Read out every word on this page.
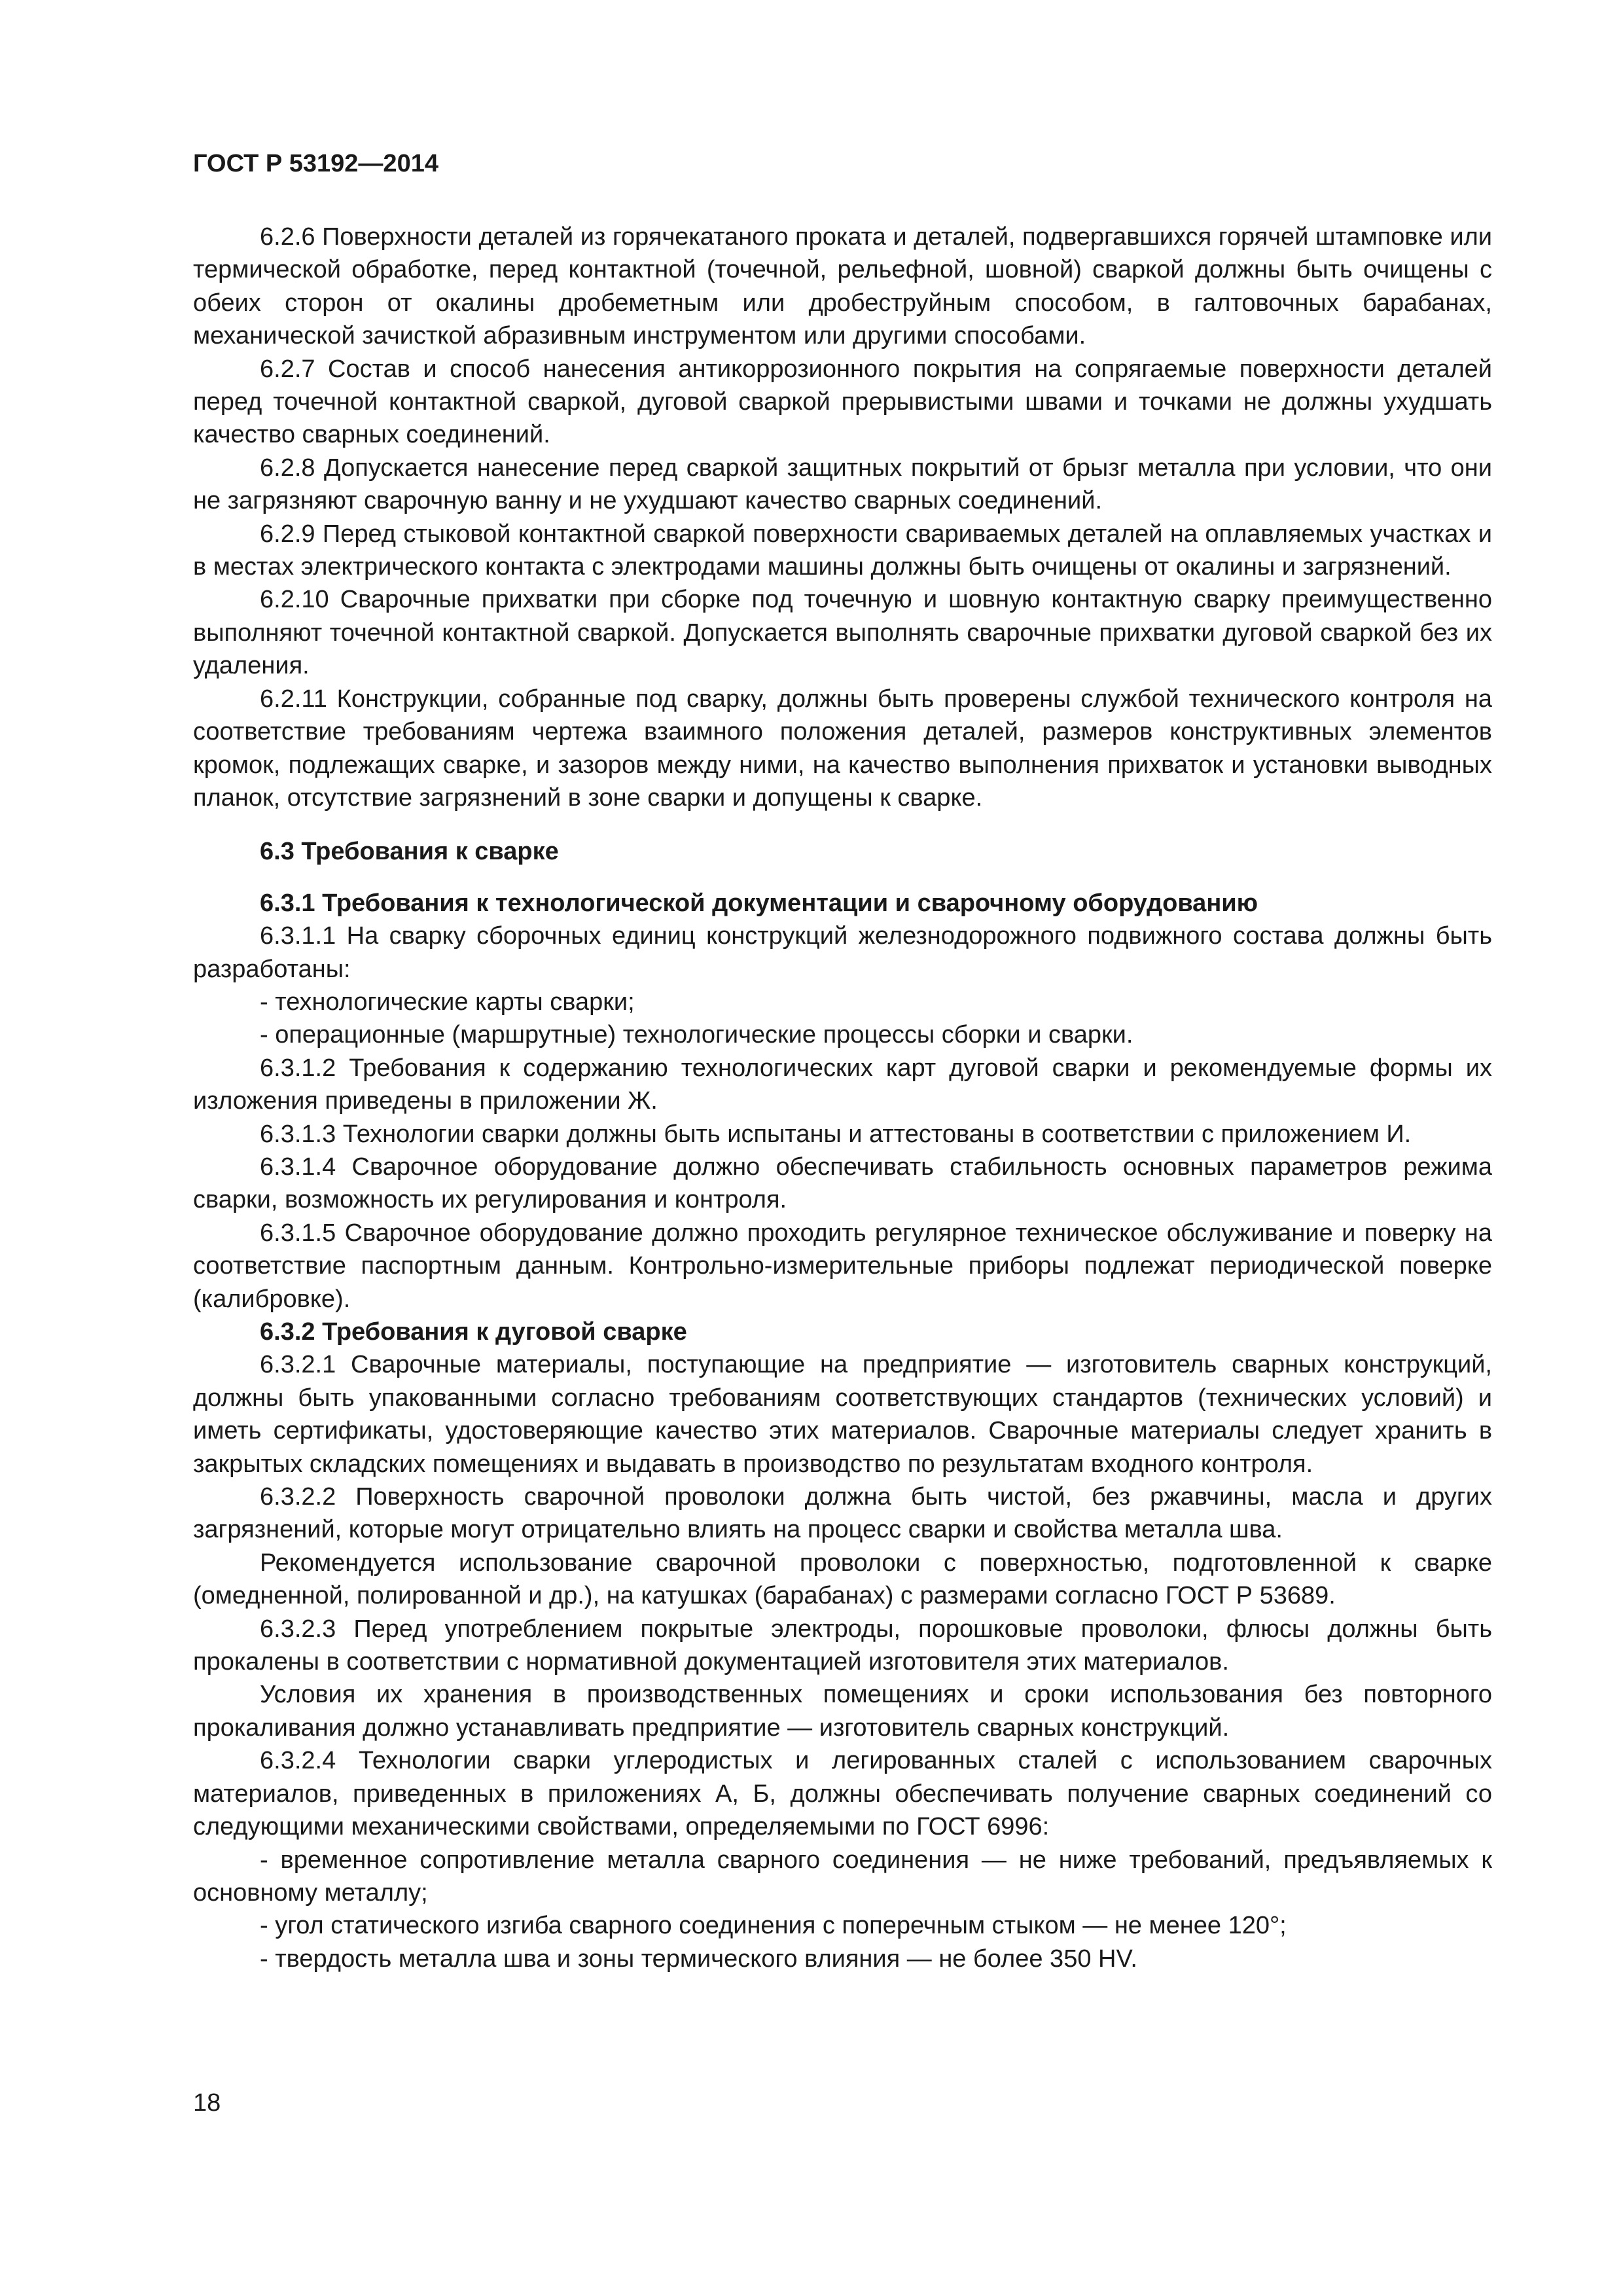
ГОСТ Р 53192—2014

6.2.6 Поверхности деталей из горячекатаного проката и деталей, подвергавшихся горячей штамповке или термической обработке, перед контактной (точечной, рельефной, шовной) сваркой должны быть очищены с обеих сторон от окалины дробеметным или дробеструйным способом, в галтовочных барабанах, механической зачисткой абразивным инструментом или другими способами.

6.2.7 Состав и способ нанесения антикоррозионного покрытия на сопрягаемые поверхности деталей перед точечной контактной сваркой, дуговой сваркой прерывистыми швами и точками не должны ухудшать качество сварных соединений.

6.2.8 Допускается нанесение перед сваркой защитных покрытий от брызг металла при условии, что они не загрязняют сварочную ванну и не ухудшают качество сварных соединений.

6.2.9 Перед стыковой контактной сваркой поверхности свариваемых деталей на оплавляемых участках и в местах электрического контакта с электродами машины должны быть очищены от окалины и загрязнений.

6.2.10 Сварочные прихватки при сборке под точечную и шовную контактную сварку преимущественно выполняют точечной контактной сваркой. Допускается выполнять сварочные прихватки дуговой сваркой без их удаления.

6.2.11 Конструкции, собранные под сварку, должны быть проверены службой технического контроля на соответствие требованиям чертежа взаимного положения деталей, размеров конструктивных элементов кромок, подлежащих сварке, и зазоров между ними, на качество выполнения прихваток и установки выводных планок, отсутствие загрязнений в зоне сварки и допущены к сварке.

6.3 Требования к сварке

6.3.1 Требования к технологической документации и сварочному оборудованию

6.3.1.1 На сварку сборочных единиц конструкций железнодорожного подвижного состава должны быть разработаны:

- технологические карты сварки;

- операционные (маршрутные) технологические процессы сборки и сварки.

6.3.1.2 Требования к содержанию технологических карт дуговой сварки и рекомендуемые формы их изложения приведены в приложении Ж.

6.3.1.3 Технологии сварки должны быть испытаны и аттестованы в соответствии с приложением И.

6.3.1.4 Сварочное оборудование должно обеспечивать стабильность основных параметров режима сварки, возможность их регулирования и контроля.

6.3.1.5 Сварочное оборудование должно проходить регулярное техническое обслуживание и поверку на соответствие паспортным данным. Контрольно-измерительные приборы подлежат периодической поверке (калибровке).

6.3.2 Требования к дуговой сварке

6.3.2.1 Сварочные материалы, поступающие на предприятие — изготовитель сварных конструкций, должны быть упакованными согласно требованиям соответствующих стандартов (технических условий) и иметь сертификаты, удостоверяющие качество этих материалов. Сварочные материалы следует хранить в закрытых складских помещениях и выдавать в производство по результатам входного контроля.

6.3.2.2 Поверхность сварочной проволоки должна быть чистой, без ржавчины, масла и других загрязнений, которые могут отрицательно влиять на процесс сварки и свойства металла шва.

Рекомендуется использование сварочной проволоки с поверхностью, подготовленной к сварке (омедненной, полированной и др.), на катушках (барабанах) с размерами согласно ГОСТ Р 53689.

6.3.2.3 Перед употреблением покрытые электроды, порошковые проволоки, флюсы должны быть прокалены в соответствии с нормативной документацией изготовителя этих материалов.

Условия их хранения в производственных помещениях и сроки использования без повторного прокаливания должно устанавливать предприятие — изготовитель сварных конструкций.

6.3.2.4 Технологии сварки углеродистых и легированных сталей с использованием сварочных материалов, приведенных в приложениях А, Б, должны обеспечивать получение сварных соединений со следующими механическими свойствами, определяемыми по ГОСТ 6996:

- временное сопротивление металла сварного соединения — не ниже требований, предъявляемых к основному металлу;

- угол статического изгиба сварного соединения с поперечным стыком — не менее 120°;

- твердость металла шва и зоны термического влияния — не более 350 HV.

18
